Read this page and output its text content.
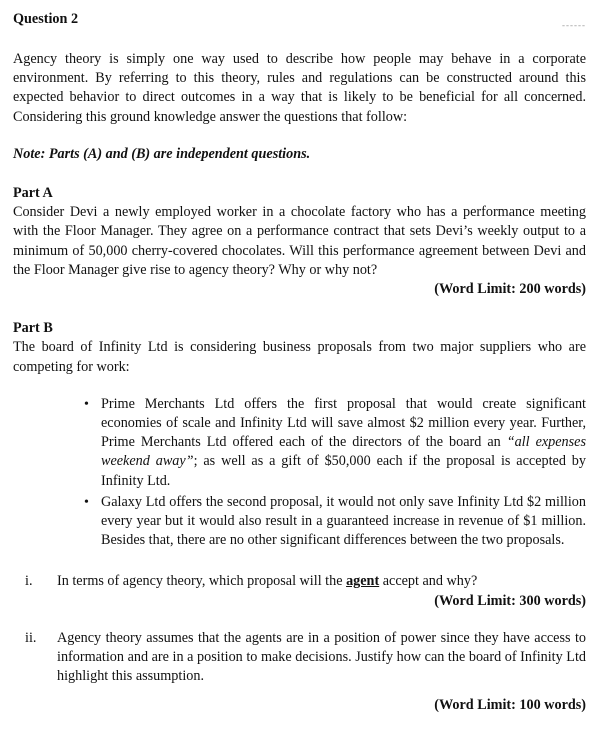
Question 2	------

Agency theory is simply one way used to describe how people may behave in a corporate environment. By referring to this theory, rules and regulations can be constructed around this expected behavior to direct outcomes in a way that is likely to be beneficial for all concerned. Considering this ground knowledge answer the questions that follow:

Note: Parts (A) and (B) are independent questions.

Part A

Consider Devi a newly employed worker in a chocolate factory who has a performance meeting with the Floor Manager. They agree on a performance contract that sets Devi’s weekly output to a minimum of 50,000 cherry-covered chocolates. Will this performance agreement between Devi and the Floor Manager give rise to agency theory? Why or why not?

(Word Limit: 200 words)
Part B

The board of Infinity Ltd is considering business proposals from two major suppliers who are competing for work:

• Prime Merchants Ltd offers the first proposal that would create significant economies of scale and Infinity Ltd will save almost $2 million every year. Further, Prime Merchants Ltd offered each of the directors of the board an “all expenses weekend away”; as well as a gift of $50,000 each if the proposal is accepted by Infinity Ltd.
• Galaxy Ltd offers the second proposal, it would not only save Infinity Ltd $2 million every year but it would also result in a guaranteed increase in revenue of $1 million. Besides that, there are no other significant differences between the two proposals.
i. In terms of agency theory, which proposal will the agent accept and why?
(Word Limit: 300 words)
ii. Agency theory assumes that the agents are in a position of power since they have access to information and are in a position to make decisions. Justify how can the board of Infinity Ltd highlight this assumption.
(Word Limit: 100 words)
